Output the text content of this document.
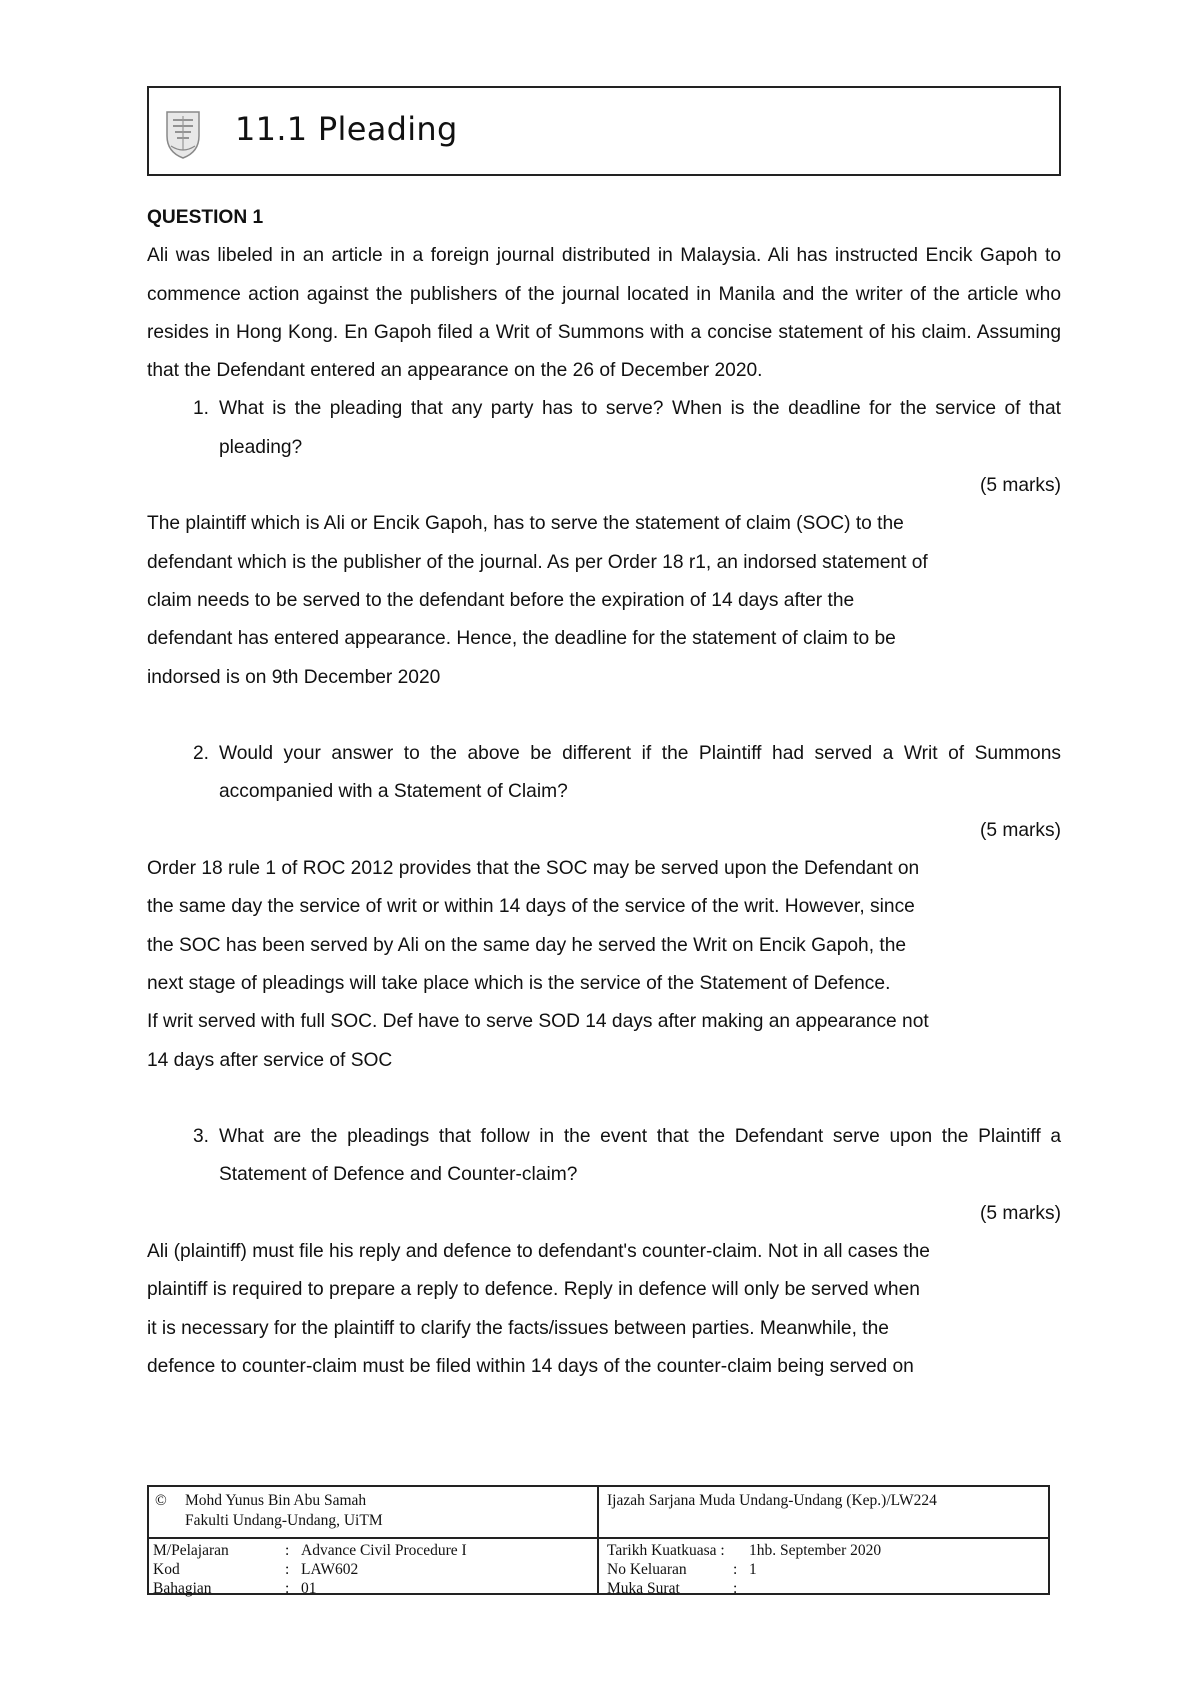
11.1 Pleading

QUESTION 1

Ali was libeled in an article in a foreign journal distributed in Malaysia. Ali has instructed Encik Gapoh to commence action against the publishers of the journal located in Manila and the writer of the article who resides in Hong Kong. En Gapoh filed a Writ of Summons with a concise statement of his claim. Assuming that the Defendant entered an appearance on the 26 of December 2020.

1. What is the pleading that any party has to serve? When is the deadline for the service of that pleading?

(5 marks)

The plaintiff which is Ali or Encik Gapoh, has to serve the statement of claim (SOC) to the

defendant which is the publisher of the journal. As per Order 18 r1, an indorsed statement of

claim needs to be served to the defendant before the expiration of 14 days after the

defendant has entered appearance. Hence, the deadline for the statement of claim to be

indorsed is on 9th December 2020

2. Would your answer to the above be different if the Plaintiff had served a Writ of Summons accompanied with a Statement of Claim?

(5 marks)

Order 18 rule 1 of ROC 2012 provides that the SOC may be served upon the Defendant on

the same day the service of writ or within 14 days of the service of the writ. However, since

the SOC has been served by Ali on the same day he served the Writ on Encik Gapoh, the

next stage of pleadings will take place which is the service of the Statement of Defence.

If writ served with full SOC. Def have to serve SOD 14 days after making an appearance not

14 days after service of SOC

3. What are the pleadings that follow in the event that the Defendant serve upon the Plaintiff a Statement of Defence and Counter-claim?

(5 marks)

Ali (plaintiff) must file his reply and defence to defendant's counter-claim. Not in all cases the

plaintiff is required to prepare a reply to defence. Reply in defence will only be served when

it is necessary for the plaintiff to clarify the facts/issues between parties. Meanwhile, the

defence to counter-claim must be filed within 14 days of the counter-claim being served on

© Mohd Yunus Bin Abu Samah
Fakulti Undang-Undang, UiTM
Ijazah Sarjana Muda Undang-Undang (Kep.)/LW224
M/Pelajaran	: Advance Civil Procedure I
Kod	: LAW602
Bahagian	: 01
Tarikh Kuatkuasa : 1hb. September 2020
No Keluaran	: 1
Muka Surat	:
